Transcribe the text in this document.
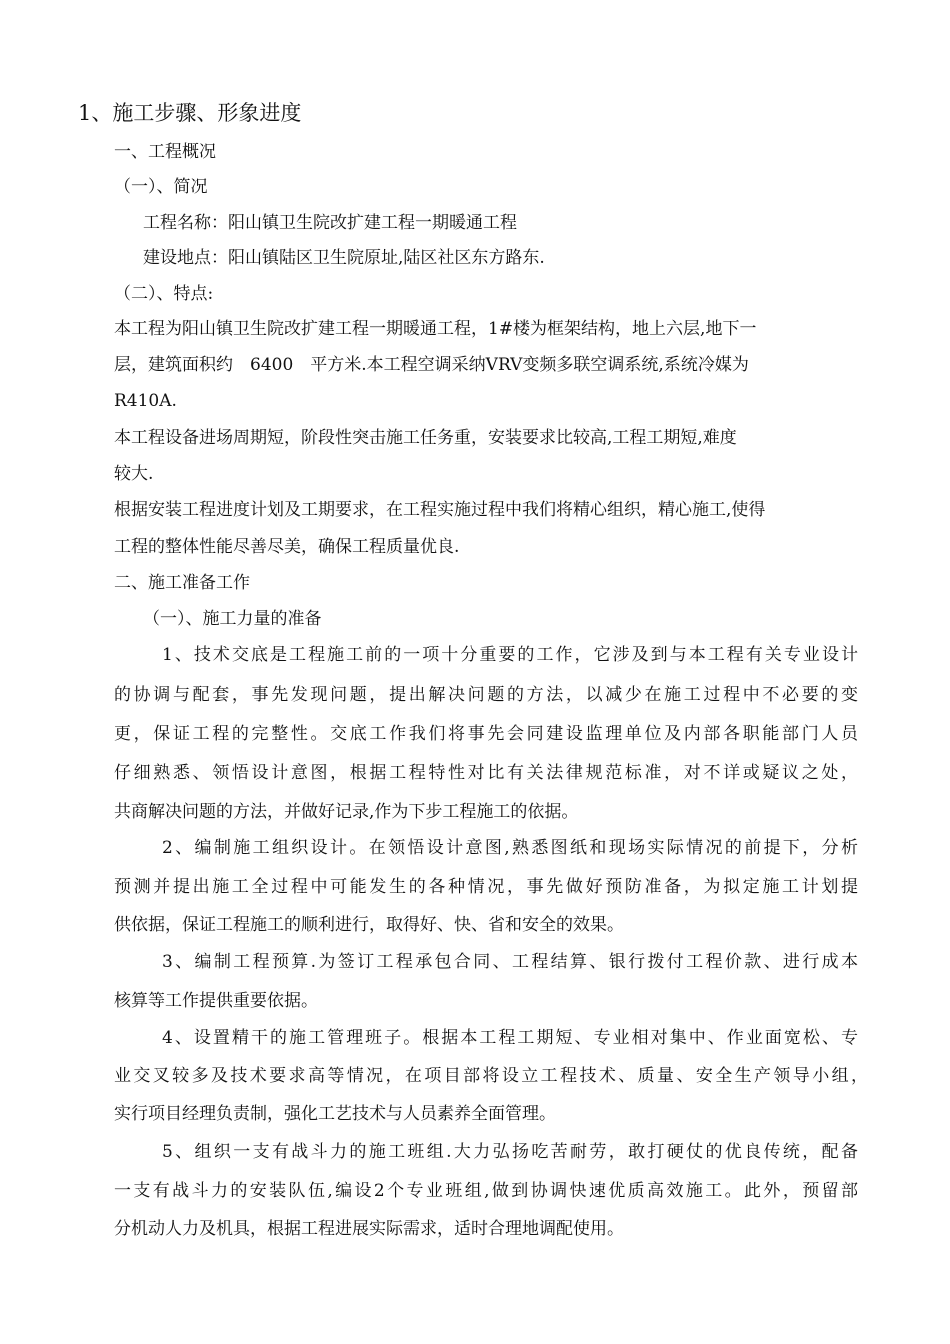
1、施工步骤、形象进度

一、工程概况

（一）、简况

工程名称：阳山镇卫生院改扩建工程一期暖通工程

建设地点：阳山镇陆区卫生院原址,陆区社区东方路东.

（二）、特点:

本工程为阳山镇卫生院改扩建工程一期暖通工程，1#楼为框架结构，地上六层,地下一

层，建筑面积约　6400　平方米.本工程空调采纳VRV变频多联空调系统,系统冷媒为

R410A.

本工程设备进场周期短，阶段性突击施工任务重，安装要求比较高,工程工期短,难度

较大.

根据安装工程进度计划及工期要求，在工程实施过程中我们将精心组织，精心施工,使得

工程的整体性能尽善尽美，确保工程质量优良.

二、施工准备工作

（一）、施工力量的准备

1、技术交底是工程施工前的一项十分重要的工作，它涉及到与本工程有关专业设计

的协调与配套，事先发现问题，提出解决问题的方法，以减少在施工过程中不必要的变

更，保证工程的完整性。交底工作我们将事先会同建设监理单位及内部各职能部门人员

仔细熟悉、领悟设计意图，根据工程特性对比有关法律规范标准，对不详或疑议之处，

共商解决问题的方法，并做好记录,作为下步工程施工的依据。

2、编制施工组织设计。在领悟设计意图,熟悉图纸和现场实际情况的前提下，分析

预测并提出施工全过程中可能发生的各种情况，事先做好预防准备，为拟定施工计划提

供依据，保证工程施工的顺利进行，取得好、快、省和安全的效果。

3、编制工程预算.为签订工程承包合同、工程结算、银行拨付工程价款、进行成本

核算等工作提供重要依据。

4、设置精干的施工管理班子。根据本工程工期短、专业相对集中、作业面宽松、专

业交叉较多及技术要求高等情况，在项目部将设立工程技术、质量、安全生产领导小组，

实行项目经理负责制，强化工艺技术与人员素养全面管理。

5、组织一支有战斗力的施工班组.大力弘扬吃苦耐劳，敢打硬仗的优良传统，配备

一支有战斗力的安装队伍,编设2个专业班组,做到协调快速优质高效施工。此外，预留部

分机动人力及机具，根据工程进展实际需求，适时合理地调配使用。
